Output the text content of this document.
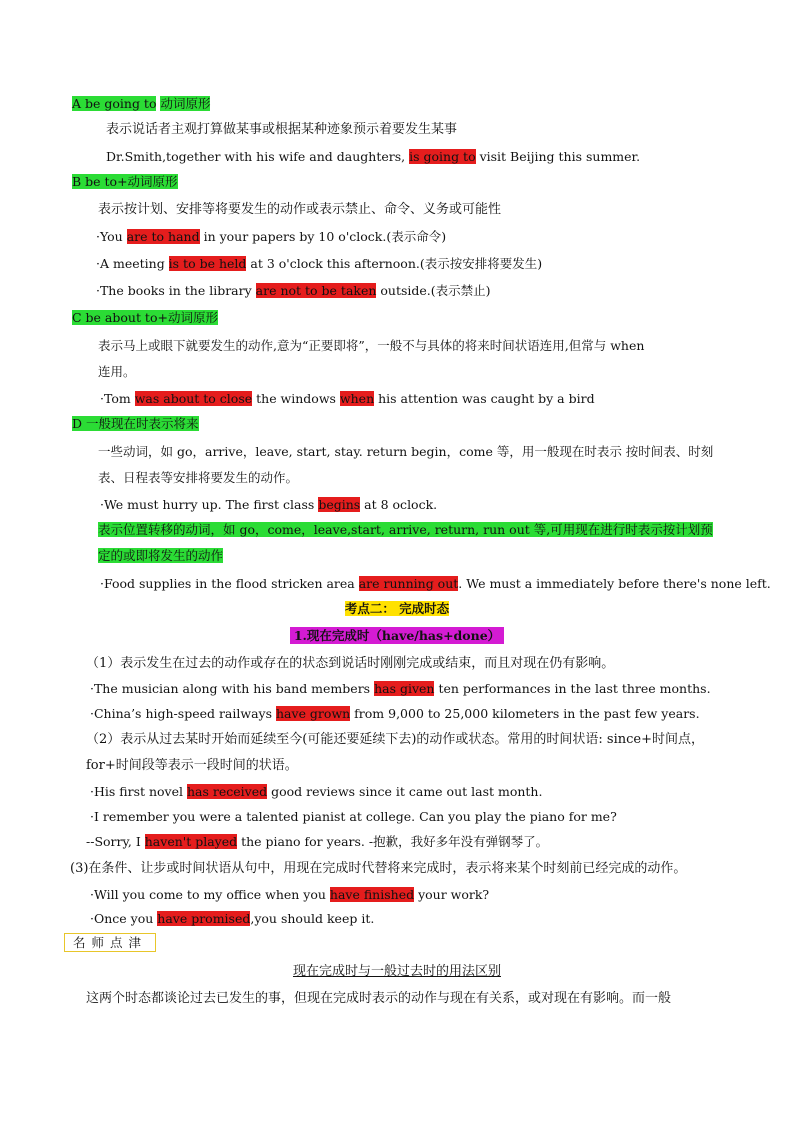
A be going to 动词原形
表示说话者主观打算做某事或根据某种迹象预示着要发生某事
Dr.Smith,together with his wife and daughters, is going to visit Beijing this summer.
B be to+动词原形
表示按计划、安排等将要发生的动作或表示禁止、命令、义务或可能性
·You are to hand in your papers by 10 o'clock.(表示命令)
·A meeting is to be held at 3 o'clock this afternoon.(表示按安排将要发生)
·The books in the library are not to be taken outside.(表示禁止)
C be about to+动词原形
表示马上或眼下就要发生的动作,意为“正要即将”，一般不与具体的将来时间状语连用,但常与 when
连用。
·Tom was about to close the windows when his attention was caught by a bird
D 一般现在时表示将来
一些动词，如 go，arrive，leave, start, stay. return begin，come 等，用一般现在时表示 按时间表、时刻
表、日程表等安排将要发生的动作。
·We must hurry up. The first class begins at 8 oclock.
表示位置转移的动词，如 go，come，leave,start, arrive, return, run out 等,可用现在进行时表示按计划预
定的或即将发生的动作
·Food supplies in the flood stricken area are running out. We must a immediately before there's none left.
考点二： 完成时态
1.现在完成时（have/has+done）
（1）表示发生在过去的动作或存在的状态到说话时刚刚完成或结束，而且对现在仍有影响。
·The musician along with his band members has given ten performances in the last three months.
·China’s high-speed railways have grown from 9,000 to 25,000 kilometers in the past few years.
（2）表示从过去某时开始而延续至今(可能还要延续下去)的动作或状态。常用的时间状语: since+时间点，
for+时间段等表示一段时间的状语。
·His first novel has received good reviews since it came out last month.
·I remember you were a talented pianist at college. Can you play the piano for me?
--Sorry, I haven't played the piano for years. -抱歉，我好多年没有弹钢琴了。
(3)在条件、让步或时间状语从句中，用现在完成时代替将来完成时，表示将来某个时刻前已经完成的动作。
·Will you come to my office when you have finished your work?
·Once you have promised,you should keep it.
名师点津
现在完成时与一般过去时的用法区别
这两个时态都谈论过去已发生的事，但现在完成时表示的动作与现在有关系，或对现在有影响。而一般
